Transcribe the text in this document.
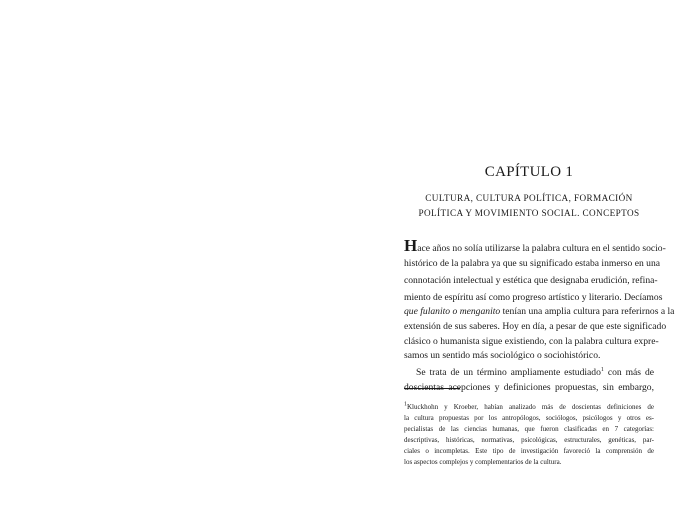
CAPÍTULO 1

CULTURA, CULTURA POLÍTICA, FORMACIÓN

POLÍTICA Y MOVIMIENTO SOCIAL. CONCEPTOS

Hace años no solía utilizarse la palabra cultura en el sentido socio-

histórico de la palabra ya que su significado estaba inmerso en una

connotación intelectual y estética que designaba erudición, refina-

miento de espíritu así como progreso artístico y literario. Decíamos

que fulanito o menganito tenían una amplia cultura para referirnos a la

extensión de sus saberes. Hoy en día, a pesar de que este significado

clásico o humanista sigue existiendo, con la palabra cultura expre-

samos un sentido más sociológico o sociohistórico.

Se trata de un término ampliamente estudiado$^1$ con más de

doscientas acepciones y definiciones propuestas, sin embargo,

1Kluckhohn y Kroeber, habían analizado más de doscientas definiciones de

la cultura propuestas por los antropólogos, sociólogos, psicólogos y otros es-

pecialistas de las ciencias humanas, que fueron clasificadas en 7 categorías:

descriptivas, históricas, normativas, psicológicas, estructurales, genéticas, par-

ciales o incompletas. Este tipo de investigación favoreció la comprensión de

los aspectos complejos y complementarios de la cultura.
